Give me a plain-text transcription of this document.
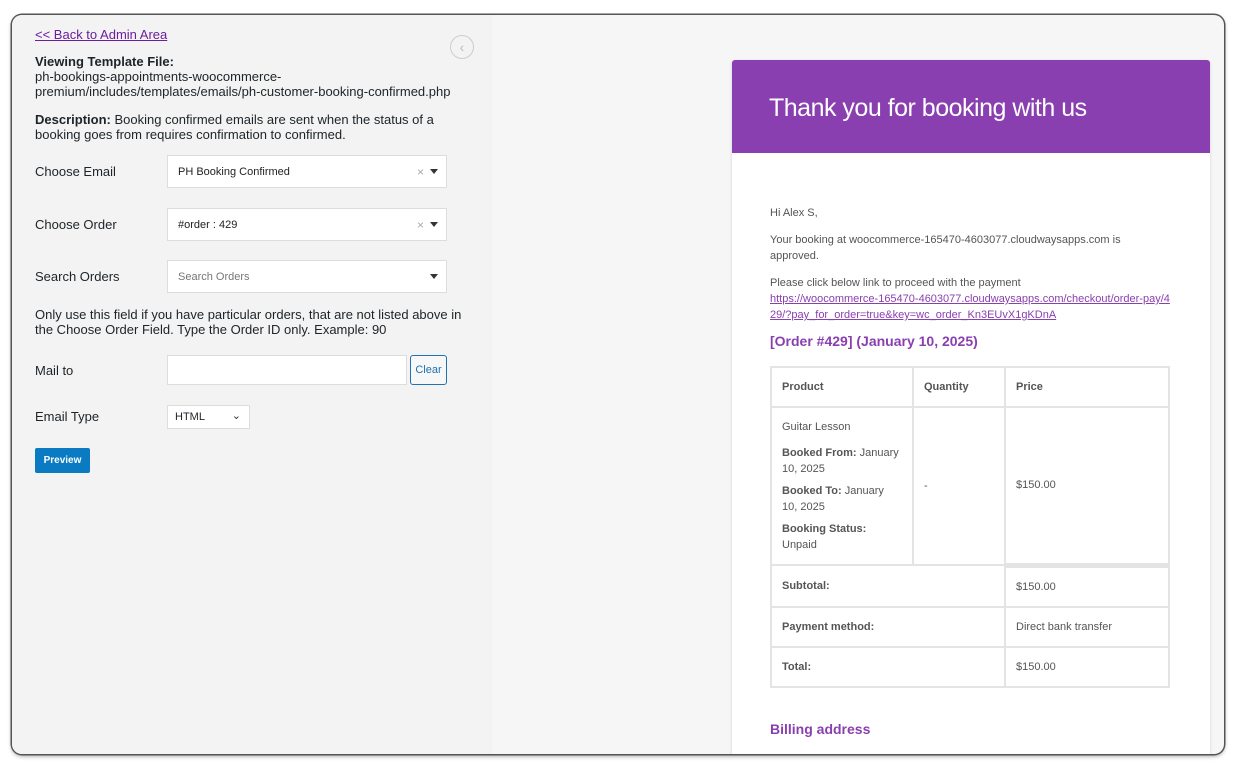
<< Back to Admin Area
‹
Viewing Template File:
ph-bookings-appointments-woocommerce-premium/includes/templates/emails/ph-customer-booking-confirmed.php
Description: Booking confirmed emails are sent when the status of a booking goes from requires confirmation to confirmed.
Choose Email	PH Booking Confirmed	×
Choose Order	#order : 429	×
Search Orders	Search Orders
Only use this field if you have particular orders, that are not listed above in the Choose Order Field. Type the Order ID only. Example: 90
Mail to	Clear
Email Type	HTML ⌄
Preview
Thank you for booking with us

Hi Alex S,

Your booking at woocommerce-165470-4603077.cloudwaysapps.com is approved.

Please click below link to proceed with the payment

https://woocommerce-165470-4603077.cloudwaysapps.com/checkout/order-pay/429/?pay_for_order=true&key=wc_order_Kn3EUvX1gKDnA
[Order #429] (January 10, 2025)
Product	Quantity	Price

Guitar Lesson
Booked From: January 10, 2025
Booked To: January 10, 2025
Booking Status: Unpaid	-	$150.00
Subtotal:		$150.00
Payment method:		Direct bank transfer
Total:		$150.00
Billing address
